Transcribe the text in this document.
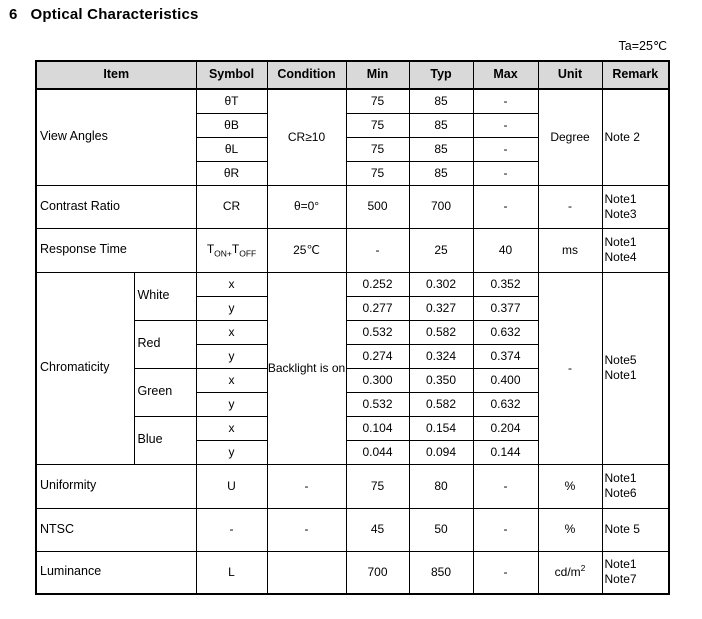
6 Optical Characteristics
Ta=25℃
Item		Symbol	Condition	Min	Typ	Max	Unit	Remark
View Angles		θT	CR≥10	75	85	-	Degree	Note 2
		θB		75	85	-		
		θL		75	85	-		
		θR		75	85	-		
Contrast Ratio		CR	θ=0°	500	700	-	-	Note1
Note3

Response Time		$T_{ON+}T_{OFF}$	25℃	-	25	40	ms	Note1
Note4

Chromaticity	White	x	Backlight is on	0.252	0.302	0.352	-	Note5
Note1

		y		0.277	0.327	0.377		
	Red	x		0.532	0.582	0.632		
		y		0.274	0.324	0.374		
	Green	x		0.300	0.350	0.400		
		y		0.532	0.582	0.632		
	Blue	x		0.104	0.154	0.204		
		y		0.044	0.094	0.144		
Uniformity		U	-	75	80	-	%	Note1
Note6

NTSC		-	-	45	50	-	%	Note 5
Luminance		L		700	850	-	$cd/m^2$	Note1
Note7
